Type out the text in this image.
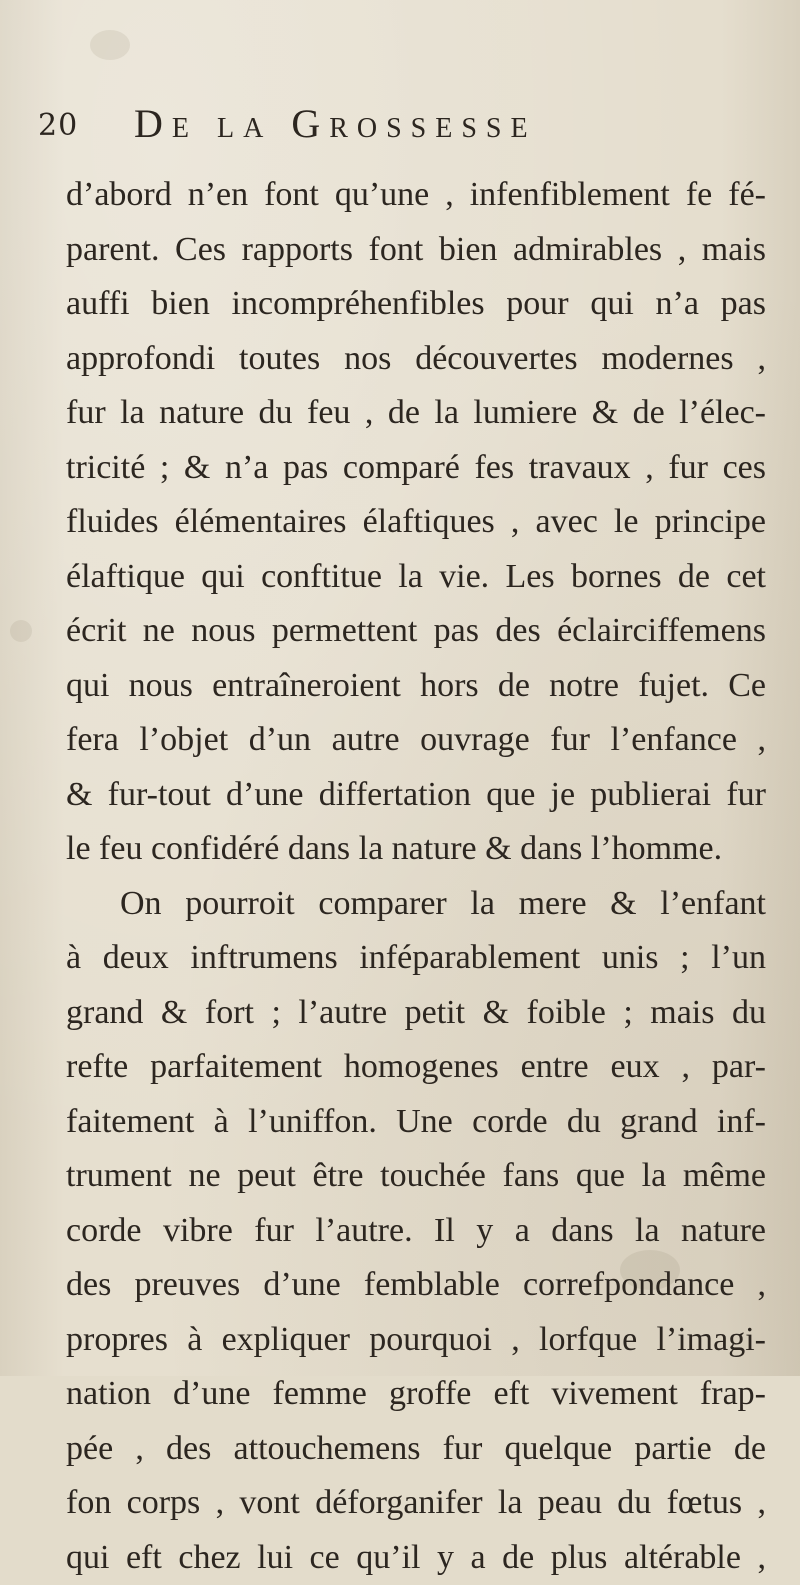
20 De la Grossesse
d’abord n’en font qu’une , infenfiblement fe fé-
parent. Ces rapports font bien admirables , mais
auffi bien incompréhenfibles pour qui n’a pas
approfondi toutes nos découvertes modernes ,
fur la nature du feu , de la lumiere & de l’élec-
tricité ; & n’a pas comparé fes travaux , fur ces
fluides élémentaires élaftiques , avec le principe
élaftique qui conftitue la vie. Les bornes de cet
écrit ne nous permettent pas des éclairciffemens
qui nous entraîneroient hors de notre fujet. Ce
fera l’objet d’un autre ouvrage fur l’enfance ,
& fur-tout d’une differtation que je publierai fur
le feu confidéré dans la nature & dans l’homme.
On pourroit comparer la mere & l’enfant
à deux inftrumens inféparablement unis ; l’un
grand & fort ; l’autre petit & foible ; mais du
refte parfaitement homogenes entre eux , par-
faitement à l’uniffon. Une corde du grand inf-
trument ne peut être touchée fans que la même
corde vibre fur l’autre. Il y a dans la nature
des preuves d’une femblable correfpondance ,
propres à expliquer pourquoi , lorfque l’imagi-
nation d’une femme groffe eft vivement frap-
pée , des attouchemens fur quelque partie de
fon corps , vont déforganifer la peau du fœtus ,
qui eft chez lui ce qu’il y a de plus altérable ,
